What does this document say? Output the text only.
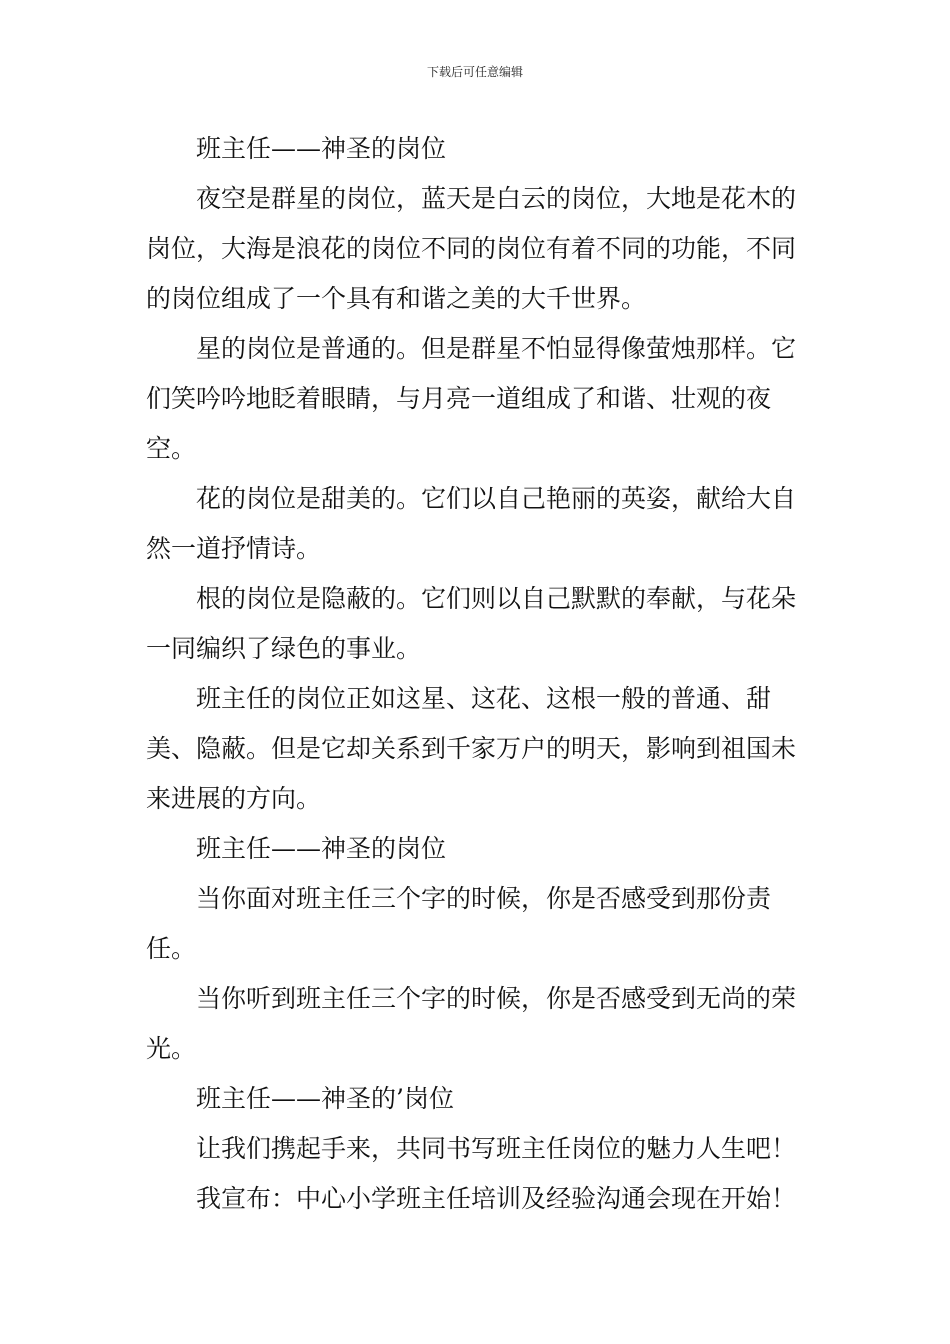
下载后可任意编辑

班主任——神圣的岗位

夜空是群星的岗位，蓝天是白云的岗位，大地是花木的岗位，大海是浪花的岗位不同的岗位有着不同的功能，不同的岗位组成了一个具有和谐之美的大千世界。

星的岗位是普通的。但是群星不怕显得像萤烛那样。它们笑吟吟地眨着眼睛，与月亮一道组成了和谐、壮观的夜空。

花的岗位是甜美的。它们以自己艳丽的英姿，献给大自然一道抒情诗。

根的岗位是隐蔽的。它们则以自己默默的奉献，与花朵一同编织了绿色的事业。

班主任的岗位正如这星、这花、这根一般的普通、甜美、隐蔽。但是它却关系到千家万户的明天，影响到祖国未来进展的方向。

班主任——神圣的岗位

当你面对班主任三个字的时候，你是否感受到那份责任。

当你听到班主任三个字的时候，你是否感受到无尚的荣光。

班主任——神圣的’岗位

让我们携起手来，共同书写班主任岗位的魅力人生吧！

我宣布：中心小学班主任培训及经验沟通会现在开始！
